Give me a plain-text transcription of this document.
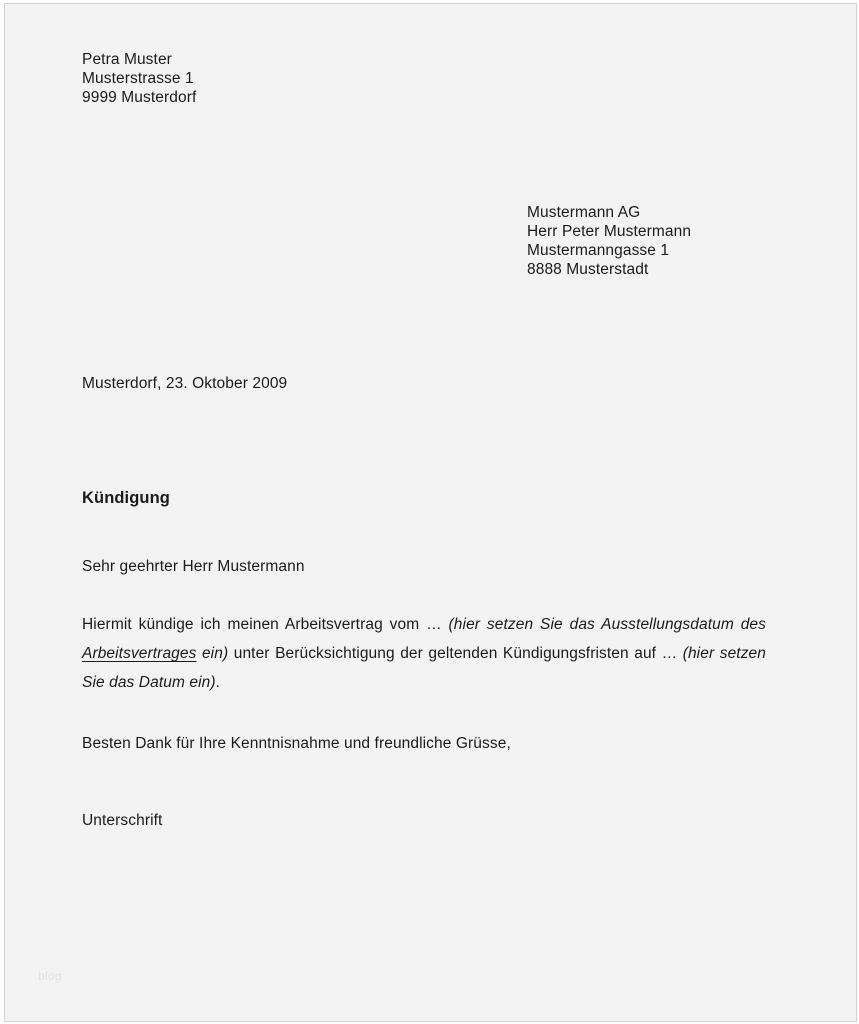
Petra Muster
Musterstrasse 1
9999 Musterdorf
Mustermann AG
Herr Peter Mustermann
Mustermanngasse 1
8888 Musterstadt
Musterdorf, 23. Oktober 2009
Kündigung
Sehr geehrter Herr Mustermann

Hiermit kündige ich meinen Arbeitsvertrag vom … (hier setzen Sie das Ausstellungsdatum des Arbeitsvertrages ein) unter Berücksichtigung der geltenden Kündigungsfristen auf … (hier setzen Sie das Datum ein).

Besten Dank für Ihre Kenntnisnahme und freundliche Grüsse,
Unterschrift
blog
